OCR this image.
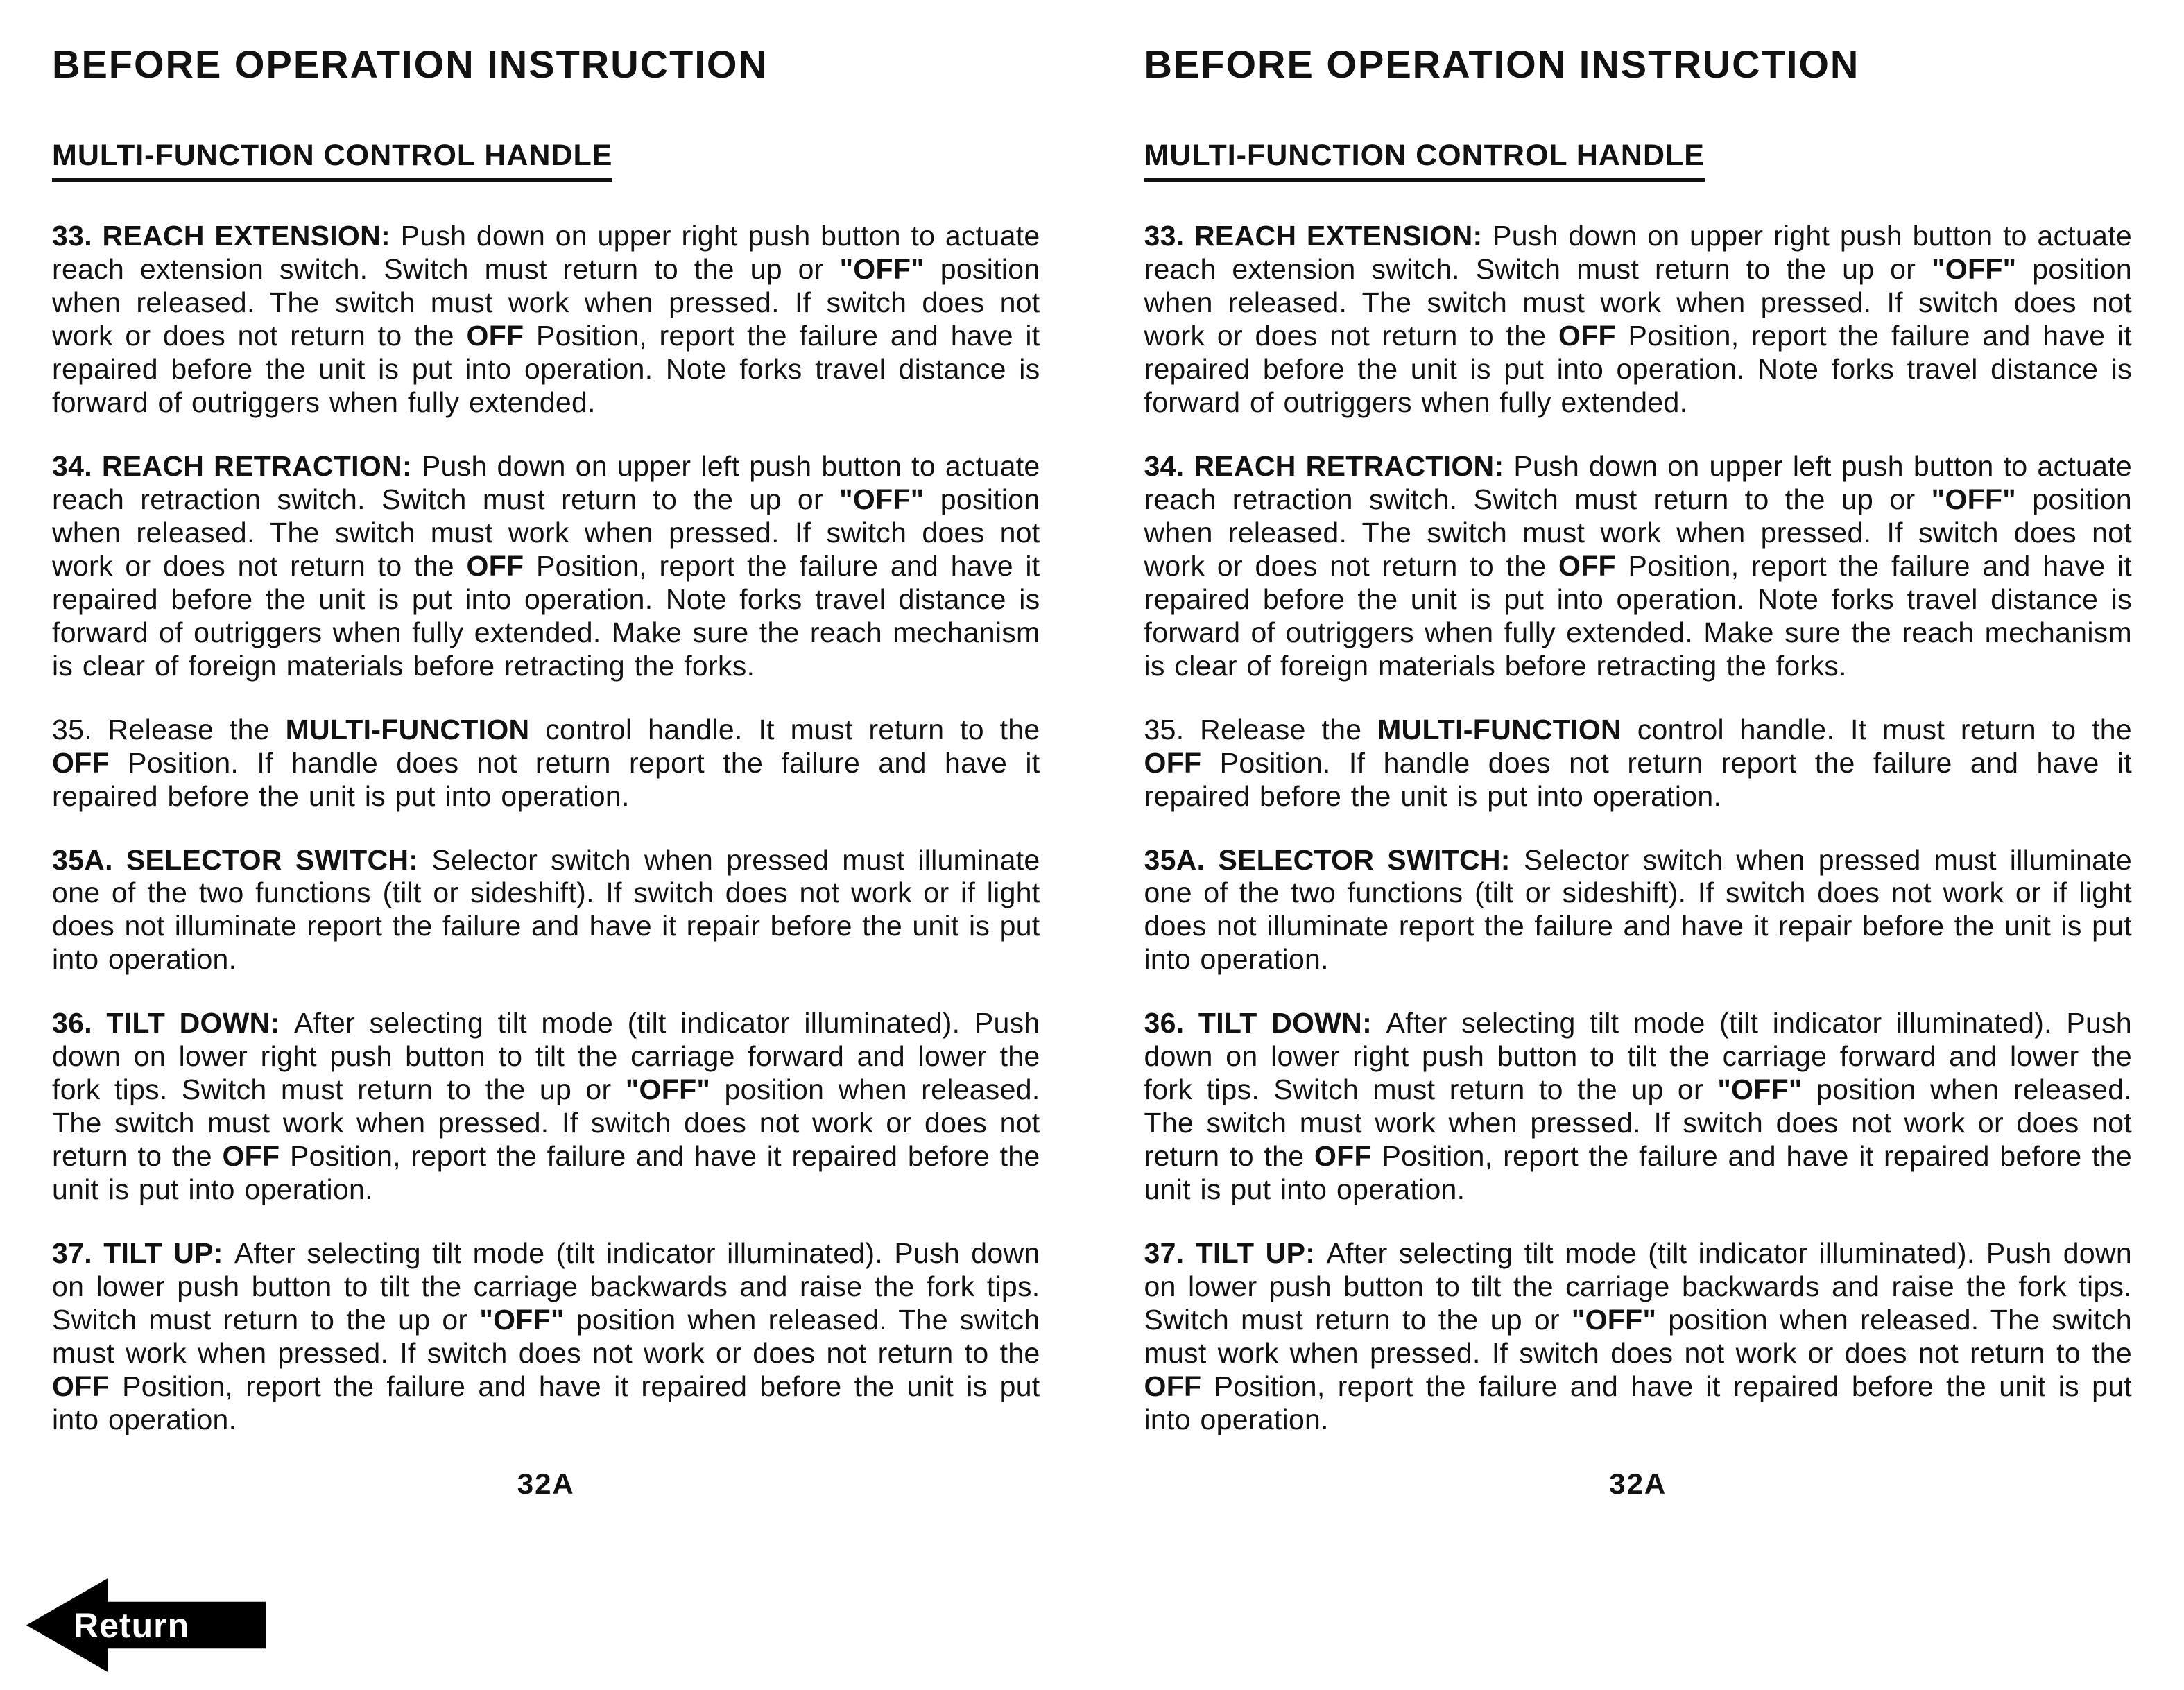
BEFORE OPERATION INSTRUCTION
MULTI-FUNCTION CONTROL HANDLE

33. REACH EXTENSION: Push down on upper right push button to actuate reach extension switch. Switch must return to the up or "OFF" position when released. The switch must work when pressed. If switch does not work or does not return to the OFF Position, report the failure and have it repaired before the unit is put into operation. Note forks travel distance is forward of outriggers when fully extended.

34. REACH RETRACTION: Push down on upper left push button to actuate reach retraction switch. Switch must return to the up or "OFF" position when released. The switch must work when pressed. If switch does not work or does not return to the OFF Position, report the failure and have it repaired before the unit is put into operation. Note forks travel distance is forward of outriggers when fully extended. Make sure the reach mechanism is clear of foreign materials before retracting the forks.

35. Release the MULTI-FUNCTION control handle. It must return to the OFF Position. If handle does not return report the failure and have it repaired before the unit is put into operation.

35A. SELECTOR SWITCH: Selector switch when pressed must illuminate one of the two functions (tilt or sideshift). If switch does not work or if light does not illuminate report the failure and have it repair before the unit is put into operation.

36. TILT DOWN: After selecting tilt mode (tilt indicator illuminated). Push down on lower right push button to tilt the carriage forward and lower the fork tips. Switch must return to the up or "OFF" position when released. The switch must work when pressed. If switch does not work or does not return to the OFF Position, report the failure and have it repaired before the unit is put into operation.

37. TILT UP: After selecting tilt mode (tilt indicator illuminated). Push down on lower push button to tilt the carriage backwards and raise the fork tips. Switch must return to the up or "OFF" position when released. The switch must work when pressed. If switch does not work or does not return to the OFF Position, report the failure and have it repaired before the unit is put into operation.

32A
BEFORE OPERATION INSTRUCTION
MULTI-FUNCTION CONTROL HANDLE

33. REACH EXTENSION: Push down on upper right push button to actuate reach extension switch. Switch must return to the up or "OFF" position when released. The switch must work when pressed. If switch does not work or does not return to the OFF Position, report the failure and have it repaired before the unit is put into operation. Note forks travel distance is forward of outriggers when fully extended.

34. REACH RETRACTION: Push down on upper left push button to actuate reach retraction switch. Switch must return to the up or "OFF" position when released. The switch must work when pressed. If switch does not work or does not return to the OFF Position, report the failure and have it repaired before the unit is put into operation. Note forks travel distance is forward of outriggers when fully extended. Make sure the reach mechanism is clear of foreign materials before retracting the forks.

35. Release the MULTI-FUNCTION control handle. It must return to the OFF Position. If handle does not return report the failure and have it repaired before the unit is put into operation.

35A. SELECTOR SWITCH: Selector switch when pressed must illuminate one of the two functions (tilt or sideshift). If switch does not work or if light does not illuminate report the failure and have it repair before the unit is put into operation.

36. TILT DOWN: After selecting tilt mode (tilt indicator illuminated). Push down on lower right push button to tilt the carriage forward and lower the fork tips. Switch must return to the up or "OFF" position when released. The switch must work when pressed. If switch does not work or does not return to the OFF Position, report the failure and have it repaired before the unit is put into operation.

37. TILT UP: After selecting tilt mode (tilt indicator illuminated). Push down on lower push button to tilt the carriage backwards and raise the fork tips. Switch must return to the up or "OFF" position when released. The switch must work when pressed. If switch does not work or does not return to the OFF Position, report the failure and have it repaired before the unit is put into operation.

32A
Return
